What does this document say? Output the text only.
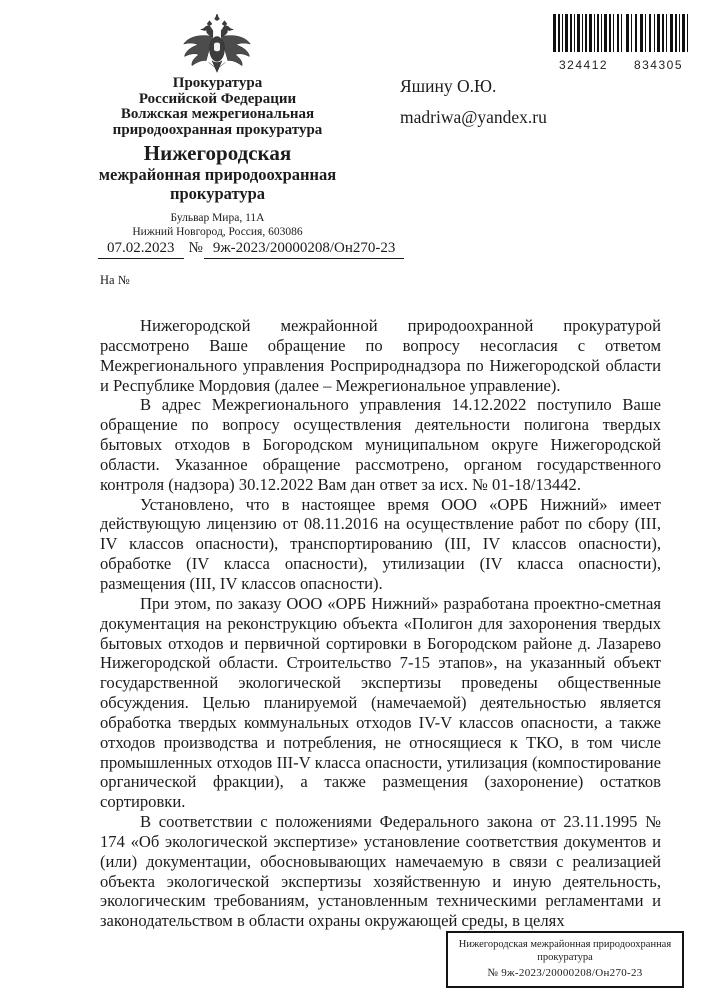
Прокуратура
Российской Федерации
Волжская межрегиональная
природоохранная прокуратура
Нижегородская
межрайонная природоохранная прокуратура
Бульвар Мира, 11А
Нижний Новгород, Россия, 603086
324412 834305
Яшину О.Ю.
madriwa@yandex.ru
07.02.2023 № 9ж-2023/20000208/Он270-23
На №

Нижегородской межрайонной природоохранной прокуратурой рассмотрено Ваше обращение по вопросу несогласия с ответом Межрегионального управления Росприроднадзора по Нижегородской области и Республике Мордовия (далее – Межрегиональное управление).

В адрес Межрегионального управления 14.12.2022 поступило Ваше обращение по вопросу осуществления деятельности полигона твердых бытовых отходов в Богородском муниципальном округе Нижегородской области. Указанное обращение рассмотрено, органом государственного контроля (надзора) 30.12.2022 Вам дан ответ за исх. № 01-18/13442.

Установлено, что в настоящее время ООО «ОРБ Нижний» имеет действующую лицензию от 08.11.2016 на осуществление работ по сбору (III, IV классов опасности), транспортированию (III, IV классов опасности), обработке (IV класса опасности), утилизации (IV класса опасности), размещения (III, IV классов опасности).

При этом, по заказу ООО «ОРБ Нижний» разработана проектно-сметная документация на реконструкцию объекта «Полигон для захоронения твердых бытовых отходов и первичной сортировки в Богородском районе д. Лазарево Нижегородской области. Строительство 7-15 этапов», на указанный объект государственной экологической экспертизы проведены общественные обсуждения. Целью планируемой (намечаемой) деятельностью является обработка твердых коммунальных отходов IV-V классов опасности, а также отходов производства и потребления, не относящиеся к ТКО, в том числе промышленных отходов III-V класса опасности, утилизация (компостирование органической фракции), а также размещения (захоронение) остатков сортировки.

В соответствии с положениями Федерального закона от 23.11.1995 № 174 «Об экологической экспертизе» установление соответствия документов и (или) документации, обосновывающих намечаемую в связи с реализацией объекта экологической экспертизы хозяйственную и иную деятельность, экологическим требованиям, установленным техническими регламентами и законодательством в области охраны окружающей среды, в целях

Нижегородская межрайонная природоохранная прокуратура
№ 9ж-2023/20000208/Он270-23
